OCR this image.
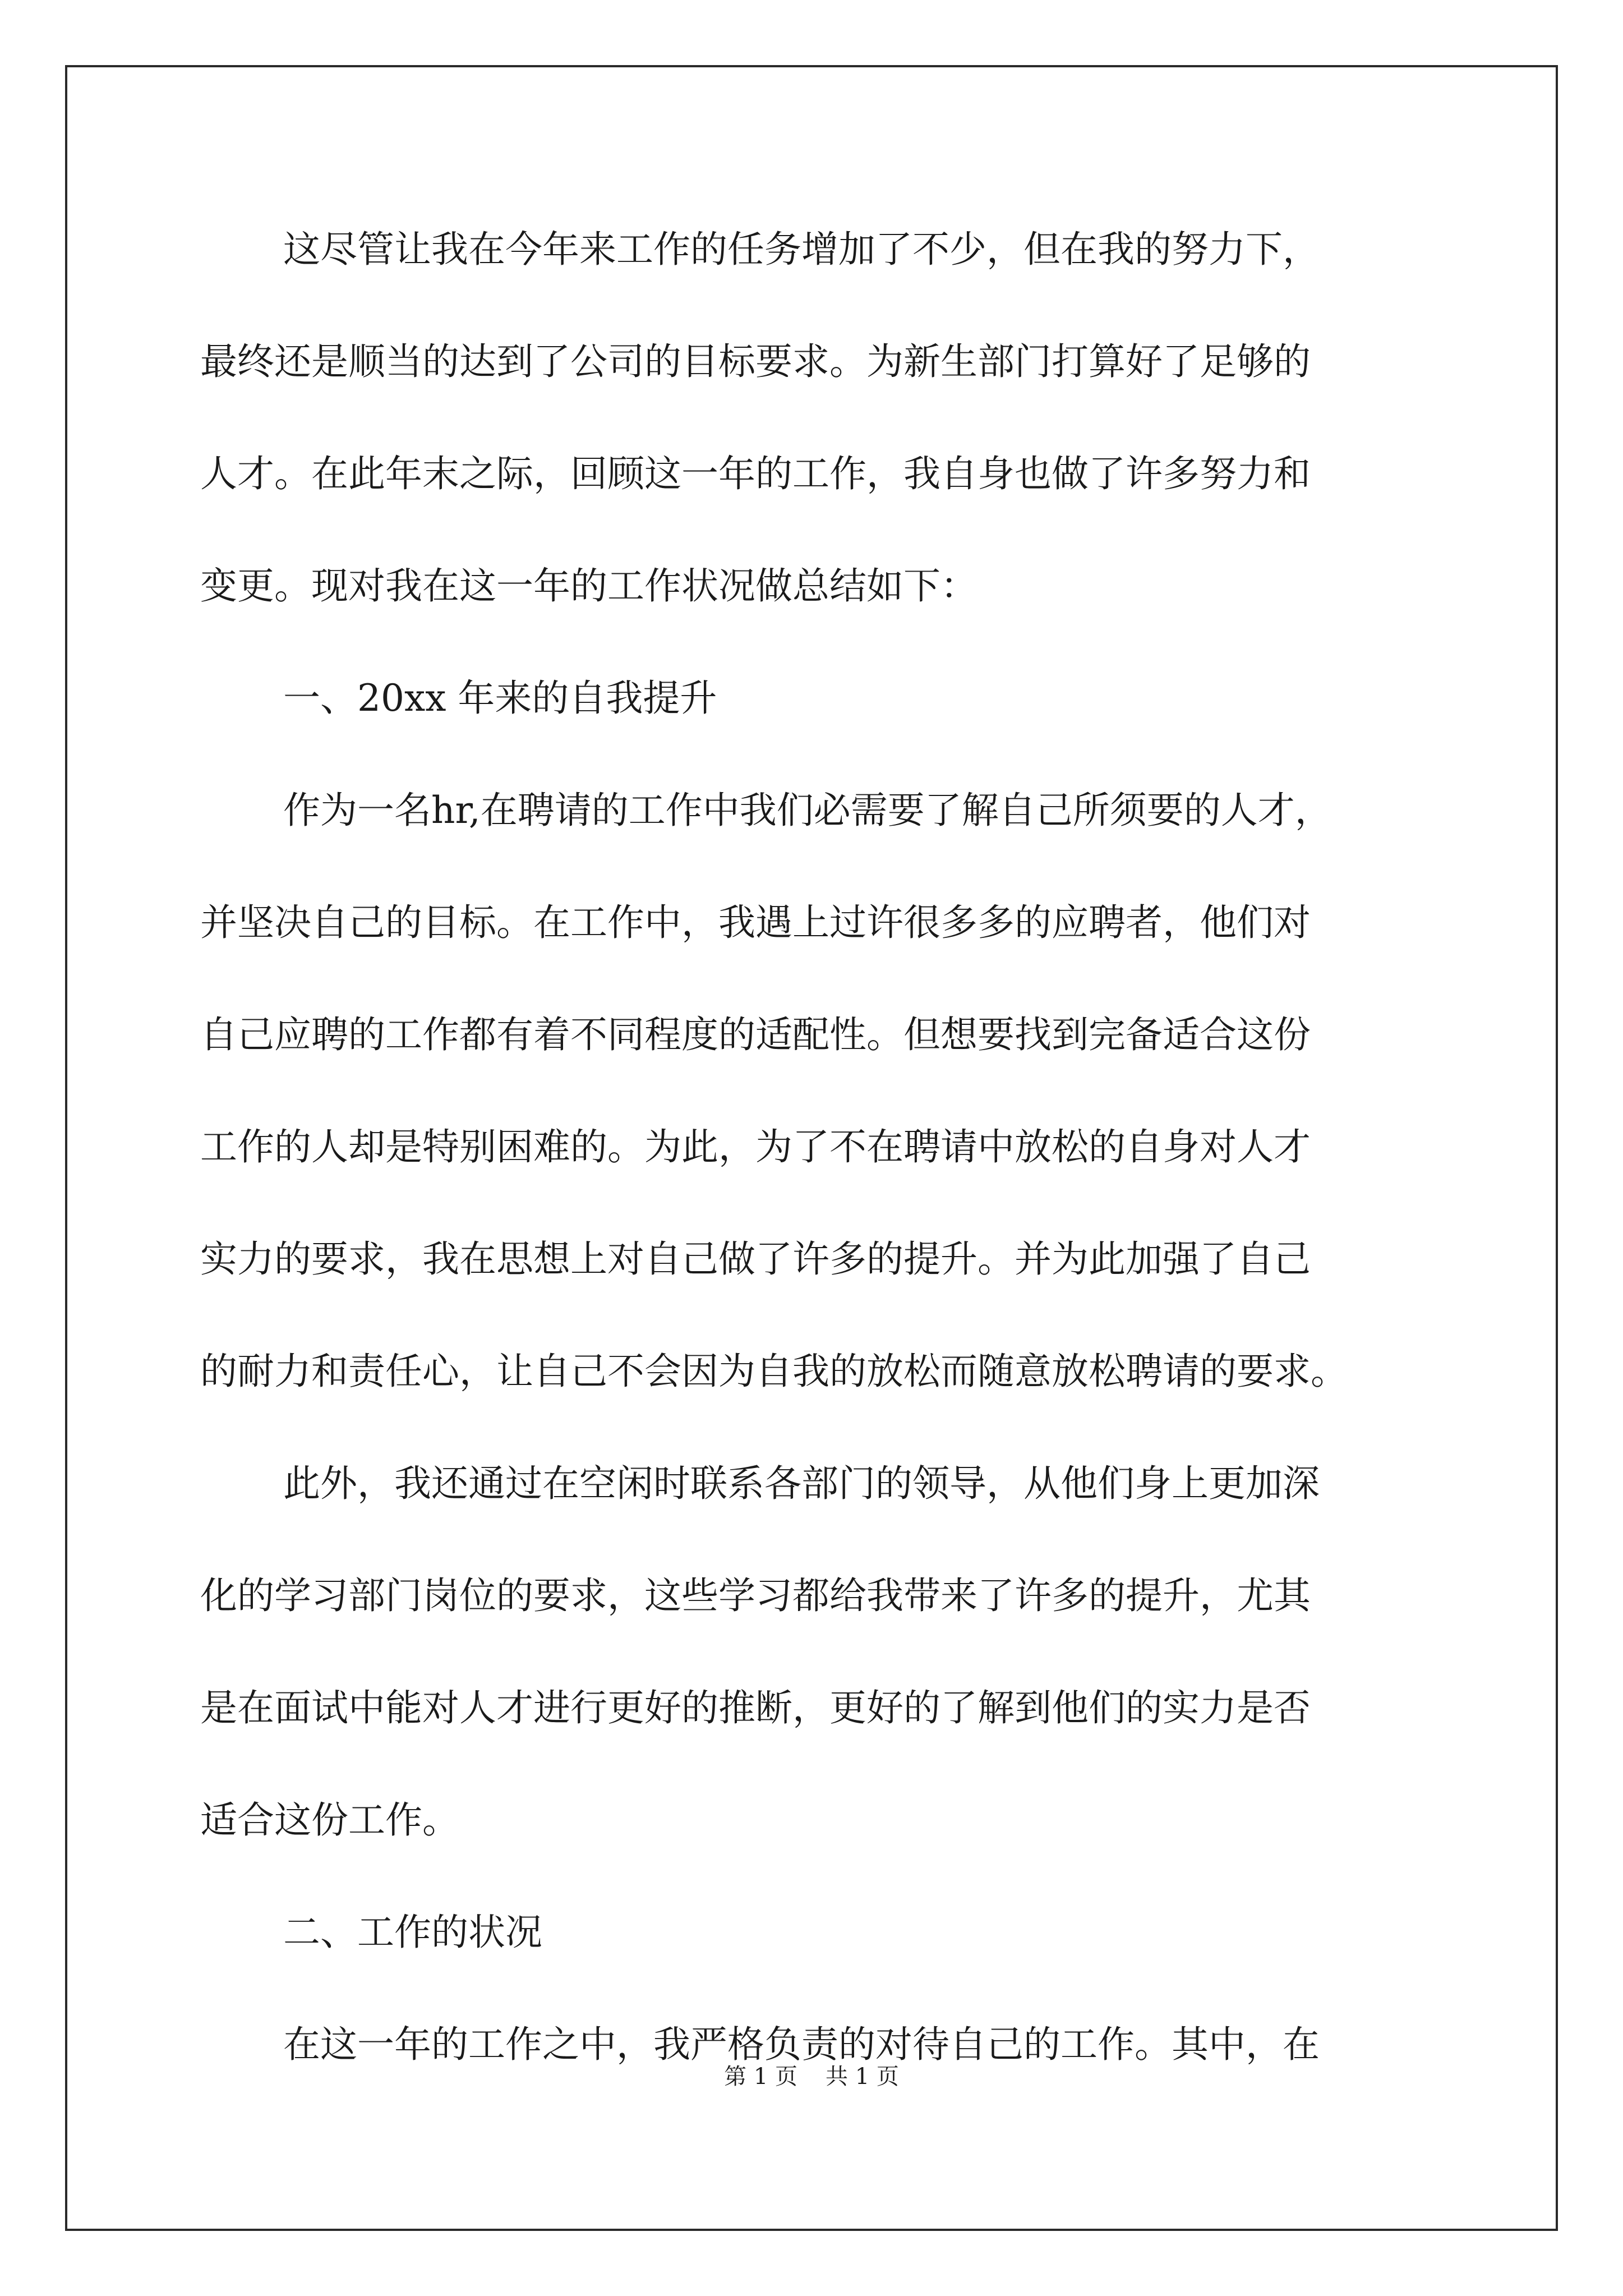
这尽管让我在今年来工作的任务增加了不少，但在我的努力下，
最终还是顺当的达到了公司的目标要求。为新生部门打算好了足够的
人才。在此年末之际，回顾这一年的工作，我自身也做了许多努力和
变更。现对我在这一年的工作状况做总结如下：
一、20xx 年来的自我提升
作为一名hr,在聘请的工作中我们必需要了解自己所须要的人才，
并坚决自己的目标。在工作中，我遇上过许很多多的应聘者，他们对
自己应聘的工作都有着不同程度的适配性。但想要找到完备适合这份
工作的人却是特别困难的。为此，为了不在聘请中放松的自身对人才
实力的要求，我在思想上对自己做了许多的提升。并为此加强了自己
的耐力和责任心，让自己不会因为自我的放松而随意放松聘请的要求。
此外，我还通过在空闲时联系各部门的领导，从他们身上更加深
化的学习部门岗位的要求，这些学习都给我带来了许多的提升，尤其
是在面试中能对人才进行更好的推断，更好的了解到他们的实力是否
适合这份工作。
二、工作的状况
在这一年的工作之中，我严格负责的对待自己的工作。其中，在
第 1 页 共 1 页
